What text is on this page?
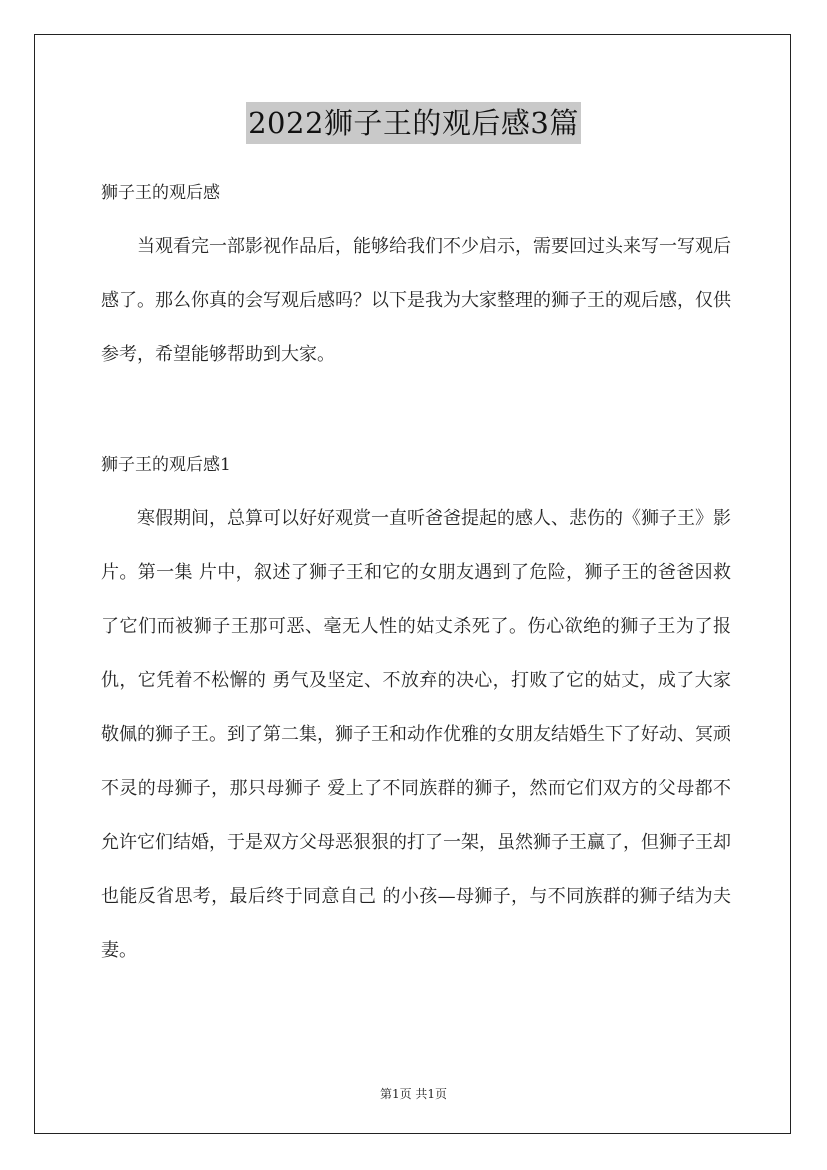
2022狮子王的观后感3篇
狮子王的观后感

当观看完一部影视作品后，能够给我们不少启示，需要回过头来写一写观后感了。那么你真的会写观后感吗？以下是我为大家整理的狮子王的观后感，仅供参考，希望能够帮助到大家。

狮子王的观后感1

寒假期间，总算可以好好观赏一直听爸爸提起的感人、悲伤的《狮子王》影片。第一集 片中，叙述了狮子王和它的女朋友遇到了危险，狮子王的爸爸因救了它们而被狮子王那可恶、毫无人性的姑丈杀死了。伤心欲绝的狮子王为了报仇，它凭着不松懈的 勇气及坚定、不放弃的决心，打败了它的姑丈，成了大家敬佩的狮子王。到了第二集，狮子王和动作优雅的女朋友结婚生下了好动、冥顽不灵的母狮子，那只母狮子 爱上了不同族群的狮子，然而它们双方的父母都不允许它们结婚，于是双方父母恶狠狠的打了一架，虽然狮子王赢了，但狮子王却也能反省思考，最后终于同意自己 的小孩—母狮子，与不同族群的狮子结为夫妻。

第1页 共1页
